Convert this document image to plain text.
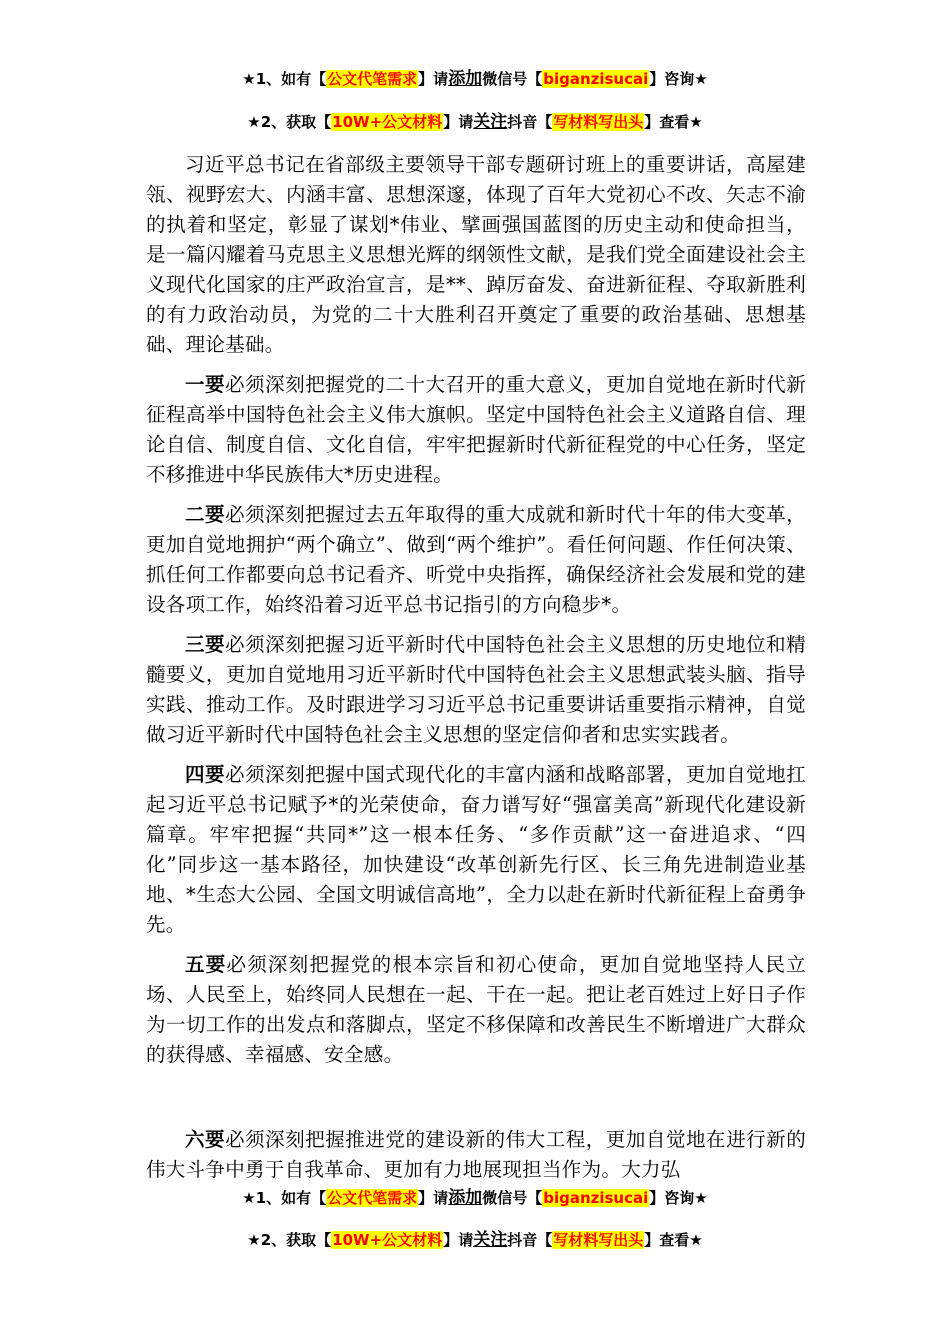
★1、如有【公文代笔需求】请添加微信号【biganzisucai】咨询★
★2、获取【10W+公文材料】请关注抖音【写材料写出头】查看★

习近平总书记在省部级主要领导干部专题研讨班上的重要讲话，高屋建瓴、视野宏大、内涵丰富、思想深邃，体现了百年大党初心不改、矢志不渝的执着和坚定，彰显了谋划*伟业、擘画强国蓝图的历史主动和使命担当，是一篇闪耀着马克思主义思想光辉的纲领性文献，是我们党全面建设社会主义现代化国家的庄严政治宣言，是**、踔厉奋发、奋进新征程、夺取新胜利的有力政治动员，为党的二十大胜利召开奠定了重要的政治基础、思想基础、理论基础。

一要必须深刻把握党的二十大召开的重大意义，更加自觉地在新时代新征程高举中国特色社会主义伟大旗帜。坚定中国特色社会主义道路自信、理论自信、制度自信、文化自信，牢牢把握新时代新征程党的中心任务，坚定不移推进中华民族伟大*历史进程。

二要必须深刻把握过去五年取得的重大成就和新时代十年的伟大变革，更加自觉地拥护“两个确立”、做到“两个维护”。看任何问题、作任何决策、抓任何工作都要向总书记看齐、听党中央指挥，确保经济社会发展和党的建设各项工作，始终沿着习近平总书记指引的方向稳步*。

三要必须深刻把握习近平新时代中国特色社会主义思想的历史地位和精髓要义，更加自觉地用习近平新时代中国特色社会主义思想武装头脑、指导实践、推动工作。及时跟进学习习近平总书记重要讲话重要指示精神，自觉做习近平新时代中国特色社会主义思想的坚定信仰者和忠实实践者。

四要必须深刻把握中国式现代化的丰富内涵和战略部署，更加自觉地扛起习近平总书记赋予*的光荣使命，奋力谱写好“强富美高”新现代化建设新篇章。牢牢把握“共同*”这一根本任务、“多作贡献”这一奋进追求、“四化”同步这一基本路径，加快建设“改革创新先行区、长三角先进制造业基地、*生态大公园、全国文明诚信高地”，全力以赴在新时代新征程上奋勇争先。

五要必须深刻把握党的根本宗旨和初心使命，更加自觉地坚持人民立场、人民至上，始终同人民想在一起、干在一起。把让老百姓过上好日子作为一切工作的出发点和落脚点，坚定不移保障和改善民生不断增进广大群众的获得感、幸福感、安全感。

六要必须深刻把握推进党的建设新的伟大工程，更加自觉地在进行新的伟大斗争中勇于自我革命、更加有力地展现担当作为。大力弘

★1、如有【公文代笔需求】请添加微信号【biganzisucai】咨询★
★2、获取【10W+公文材料】请关注抖音【写材料写出头】查看★
